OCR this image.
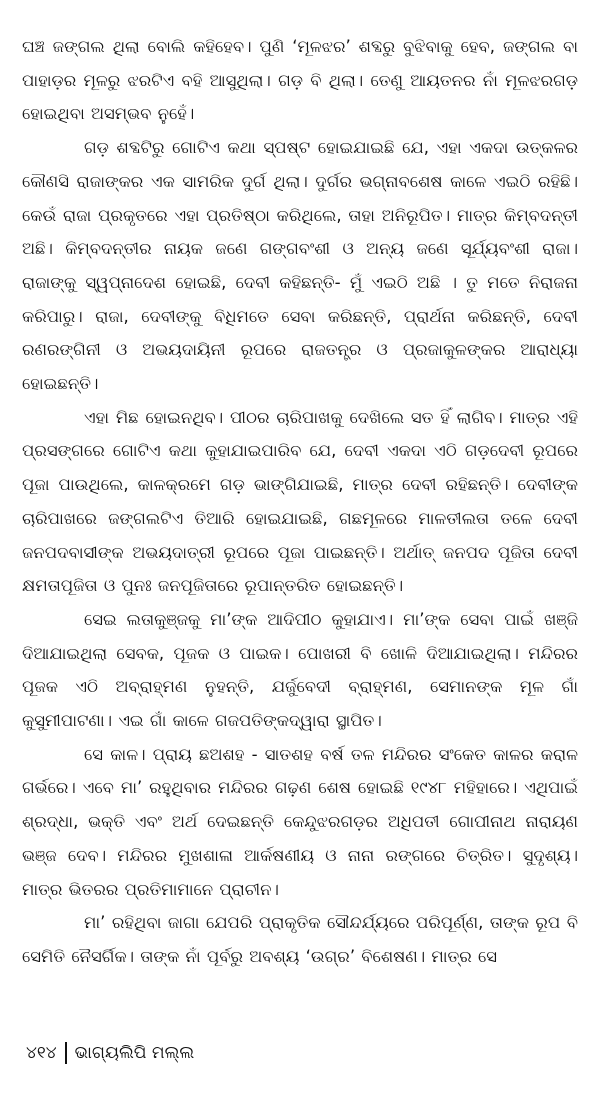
ଘଞ୍ଚ ଜଙ୍ଗଲ ଥିଲା ବୋଲି କହିହେବ। ପୁଣି ‘ମୂଳଝର’ ଶବ୍ଦରୁ ବୁଝିବାକୁ ହେବ, ଜଙ୍ଗଲ ବା ପାହାଡ଼ର ମୂଳରୁ ଝରଟିଏ ବହି ଆସୁଥିଲା। ଗଡ଼ ବି ଥିଲା। ତେଣୁ ଆୟତନର ନାଁ ମୂଳଝରଗଡ଼ ହୋଇଥିବା ଅସମ୍ଭବ ନୁହେଁ।

ଗଡ଼ ଶବ୍ଦଟିରୁ ଗୋଟିଏ କଥା ସ୍ପଷ୍ଟ ହୋଇଯାଇଛି ଯେ, ଏହା ଏକଦା ଉତ୍କଳର କୌଣସି ରାଜାଙ୍କର ଏକ ସାମରିକ ଦୁର୍ଗ ଥିଲା। ଦୁର୍ଗର ଭଗ୍ନାବଶେଷ କାଳେ ଏଇଠି ରହିଛି। କେଉଁ ରାଜା ପ୍ରକୃତରେ ଏହା ପ୍ରତିଷ୍ଠା କରିଥିଲେ, ତାହା ଅନିରୂପିତ। ମାତ୍ର କିମ୍ବଦନ୍ତୀ ଅଛି। କିମ୍ବଦନ୍ତୀର ନାୟକ ଜଣେ ଗଙ୍ଗବଂଶୀ ଓ ଅନ୍ୟ ଜଣେ ସୂର୍ଯ୍ୟବଂଶୀ ରାଜା। ରାଜାଙ୍କୁ ସ୍ୱପ୍ନାଦେଶ ହୋଇଛି, ଦେବୀ କହିଛନ୍ତି- ମୁଁ ଏଇଠି ଅଛି । ତୁ ମତେ ନିରାଜନା କରିପାରୁ। ରାଜା, ଦେବୀଙ୍କୁ ବିଧିମତେ ସେବା କରିଛନ୍ତି, ପ୍ରାର୍ଥନା କରିଛନ୍ତି, ଦେବୀ ରଣରଙ୍ଗିନୀ ଓ ଅଭୟଦାୟିନୀ ରୂପରେ ରାଜତନ୍ତ୍ର ଓ ପ୍ରଜାକୁଳଙ୍କର ଆରାଧ୍ୟା ହୋଇଛନ୍ତି।

ଏହା ମିଛ ହୋଇନଥିବ। ପୀଠର ଚାରିପାଖକୁ ଦେଖିଲେ ସତ ହିଁ ଲାଗିବ। ମାତ୍ର ଏହି ପ୍ରସଙ୍ଗରେ ଗୋଟିଏ କଥା କୁହାଯାଇପାରିବ ଯେ, ଦେବୀ ଏକଦା ଏଠି ଗଡ଼ଦେବୀ ରୂପରେ ପୂଜା ପାଉଥିଲେ, କାଳକ୍ରମେ ଗଡ଼ ଭାଙ୍ଗିଯାଇଛି, ମାତ୍ର ଦେବୀ ରହିଛନ୍ତି। ଦେବୀଙ୍କ ଚାରିପାଖରେ ଜଙ୍ଗଲଟିଏ ତିଆରି ହୋଇଯାଇଛି, ଗଛମୂଳରେ ମାଳତୀଲତା ତଳେ ଦେବୀ ଜନପଦବାସୀଙ୍କ ଅଭୟଦାତ୍ରୀ ରୂପରେ ପୂଜା ପାଇଛନ୍ତି। ଅର୍ଥାତ୍ ଜନପଦ ପୂଜିତା ଦେବୀ କ୍ଷମତାପୂଜିତା ଓ ପୁନଃ ଜନପୂଜିତାରେ ରୂପାନ୍ତରିତ ହୋଇଛନ୍ତି।

ସେଇ ଲତାକୁଞ୍ଜକୁ ମା’ଙ୍କ ଆଦିପୀଠ କୁହାଯାଏ। ମା’ଙ୍କ ସେବା ପାଇଁ ଖଞ୍ଜି ଦିଆଯାଇଥିଲା ସେବକ, ପୂଜକ ଓ ପାଇକ। ପୋଖରୀ ବି ଖୋଳି ଦିଆଯାଇଥିଲା। ମନ୍ଦିରର ପୂଜକ ଏଠି ଅବ୍ରାହ୍ମଣ ନୁହନ୍ତି, ଯର୍ଜୁବେଦୀ ବ୍ରାହ୍ମଣ, ସେମାନଙ୍କ ମୂଳ ଗାଁ କୁସୁମୀପାଟଣା। ଏଇ ଗାଁ କାଳେ ଗଜପତିଙ୍କଦ୍ୱାରା ସ୍ଥାପିତ।

ସେ କାଳ। ପ୍ରାୟ ଛଅଶହ - ସାତଶହ ବର୍ଷ ତଳ ମନ୍ଦିରର ସଂକେତ କାଳର କରାଳ ଗର୍ଭରେ। ଏବେ ମା’ ରହୁଥିବାର ମନ୍ଦିରର ଗଢ଼ଣ ଶେଷ ହୋଇଛି ୧୯୪୮ ମହିହାରେ। ଏଥିପାଇଁ ଶ୍ରଦ୍ଧା, ଭକ୍ତି ଏବଂ ଅର୍ଥ ଦେଇଛନ୍ତି କେନ୍ଦୁଝରଗଡ଼ର ଅଧିପତୀ ଗୋପୀନାଥ ନାରାୟଣ ଭଞ୍ଜ ଦେବ। ମନ୍ଦିରର ମୁଖଶାଳା ଆର୍କଷଣୀୟ ଓ ନାନା ରଙ୍ଗରେ ଚିତ୍ରିତ। ସୁଦୃଶ୍ୟ। ମାତ୍ର ଭିତରର ପ୍ରତିମାମାନେ ପ୍ରାଚୀନ।

ମା’ ରହିଥିବା ଜାଗା ଯେପରି ପ୍ରାକୃତିକ ସୌନ୍ଦର୍ଯ୍ୟରେ ପରିପୂର୍ଣ୍ଣ, ତାଙ୍କ ରୂପ ବି ସେମିତି ନୈସର୍ଗିକ। ତାଙ୍କ ନାଁ ପୂର୍ବରୁ ଅବଶ୍ୟ ‘ଉଗ୍ର’ ବିଶେଷଣ। ମାତ୍ର ସେ

୪୧୪ ଭାଗ୍ୟଲିପି ମଲ୍ଲ
